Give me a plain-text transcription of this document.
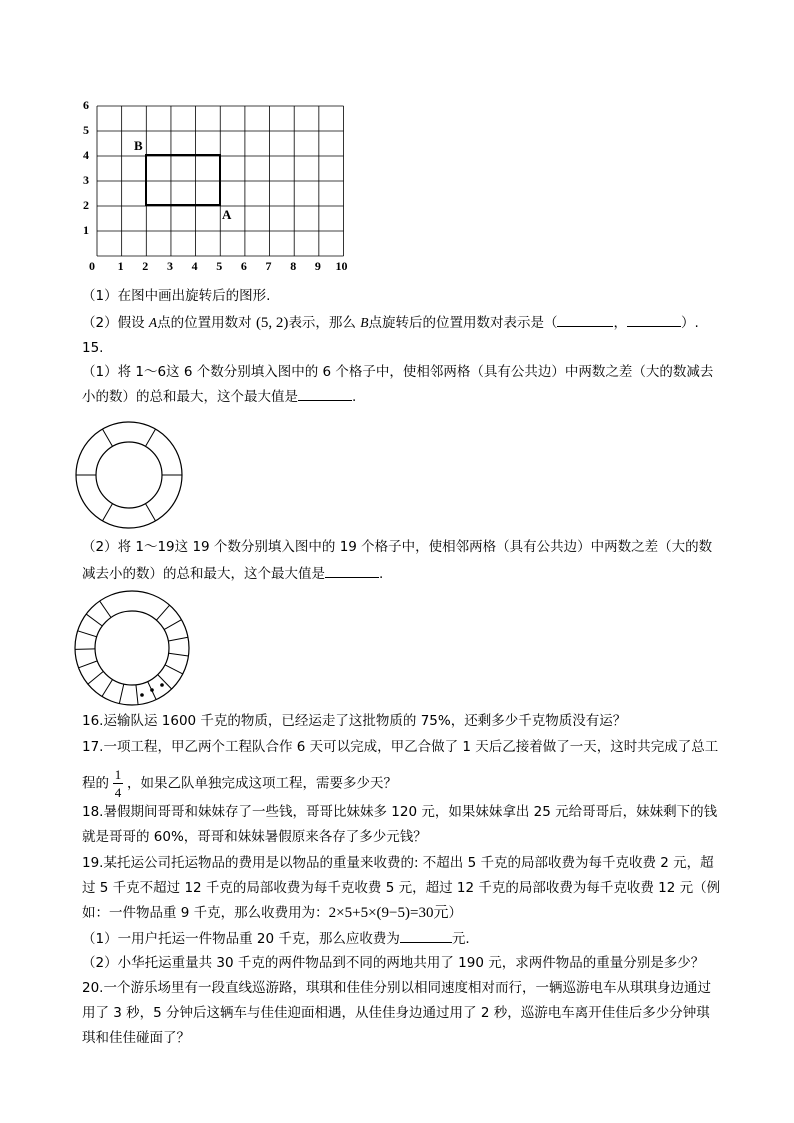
0 1 2 3 4 5 6 7 8 9 10
1
2
3
4
5
6
B
A
（1）在图中画出旋转后的图形.
（2）假设 A点的位置用数对 (5, 2)表示，那么 B点旋转后的位置用数对表示是（	，	）.
15.
（1）将 1～6这 6 个数分别填入图中的 6 个格子中，使相邻两格（具有公共边）中两数之差（大的数减去
小的数）的总和最大，这个最大值是	.
（2）将 1～19这 19 个数分别填入图中的 19 个格子中，使相邻两格（具有公共边）中两数之差（大的数
减去小的数）的总和最大，这个最大值是	.
16.运输队运 1600 千克的物质，已经运走了这批物质的 75%，还剩多少千克物质没有运？
17.一项工程，甲乙两个工程队合作 6 天可以完成，甲乙合做了 1 天后乙接着做了一天，这时共完成了总工
程的 $\frac{1}{4}$ ，如果乙队单独完成这项工程，需要多少天？
18.暑假期间哥哥和妹妹存了一些钱，哥哥比妹妹多 120 元，如果妹妹拿出 25 元给哥哥后，妹妹剩下的钱
就是哥哥的 60%，哥哥和妹妹暑假原来各存了多少元钱？
19.某托运公司托运物品的费用是以物品的重量来收费的: 不超出 5 千克的局部收费为每千克收费 2 元，超
过 5 千克不超过 12 千克的局部收费为每千克收费 5 元，超过 12 千克的局部收费为每千克收费 12 元（例
如：一件物品重 9 千克，那么收费用为：2×5+5×(9−5)=30元）
（1）一用户托运一件物品重 20 千克，那么应收费为	元.
（2）小华托运重量共 30 千克的两件物品到不同的两地共用了 190 元，求两件物品的重量分别是多少？
20.一个游乐场里有一段直线巡游路，琪琪和佳佳分别以相同速度相对而行，一辆巡游电车从琪琪身边通过
用了 3 秒，5 分钟后这辆车与佳佳迎面相遇，从佳佳身边通过用了 2 秒，巡游电车离开佳佳后多少分钟琪
琪和佳佳碰面了？
